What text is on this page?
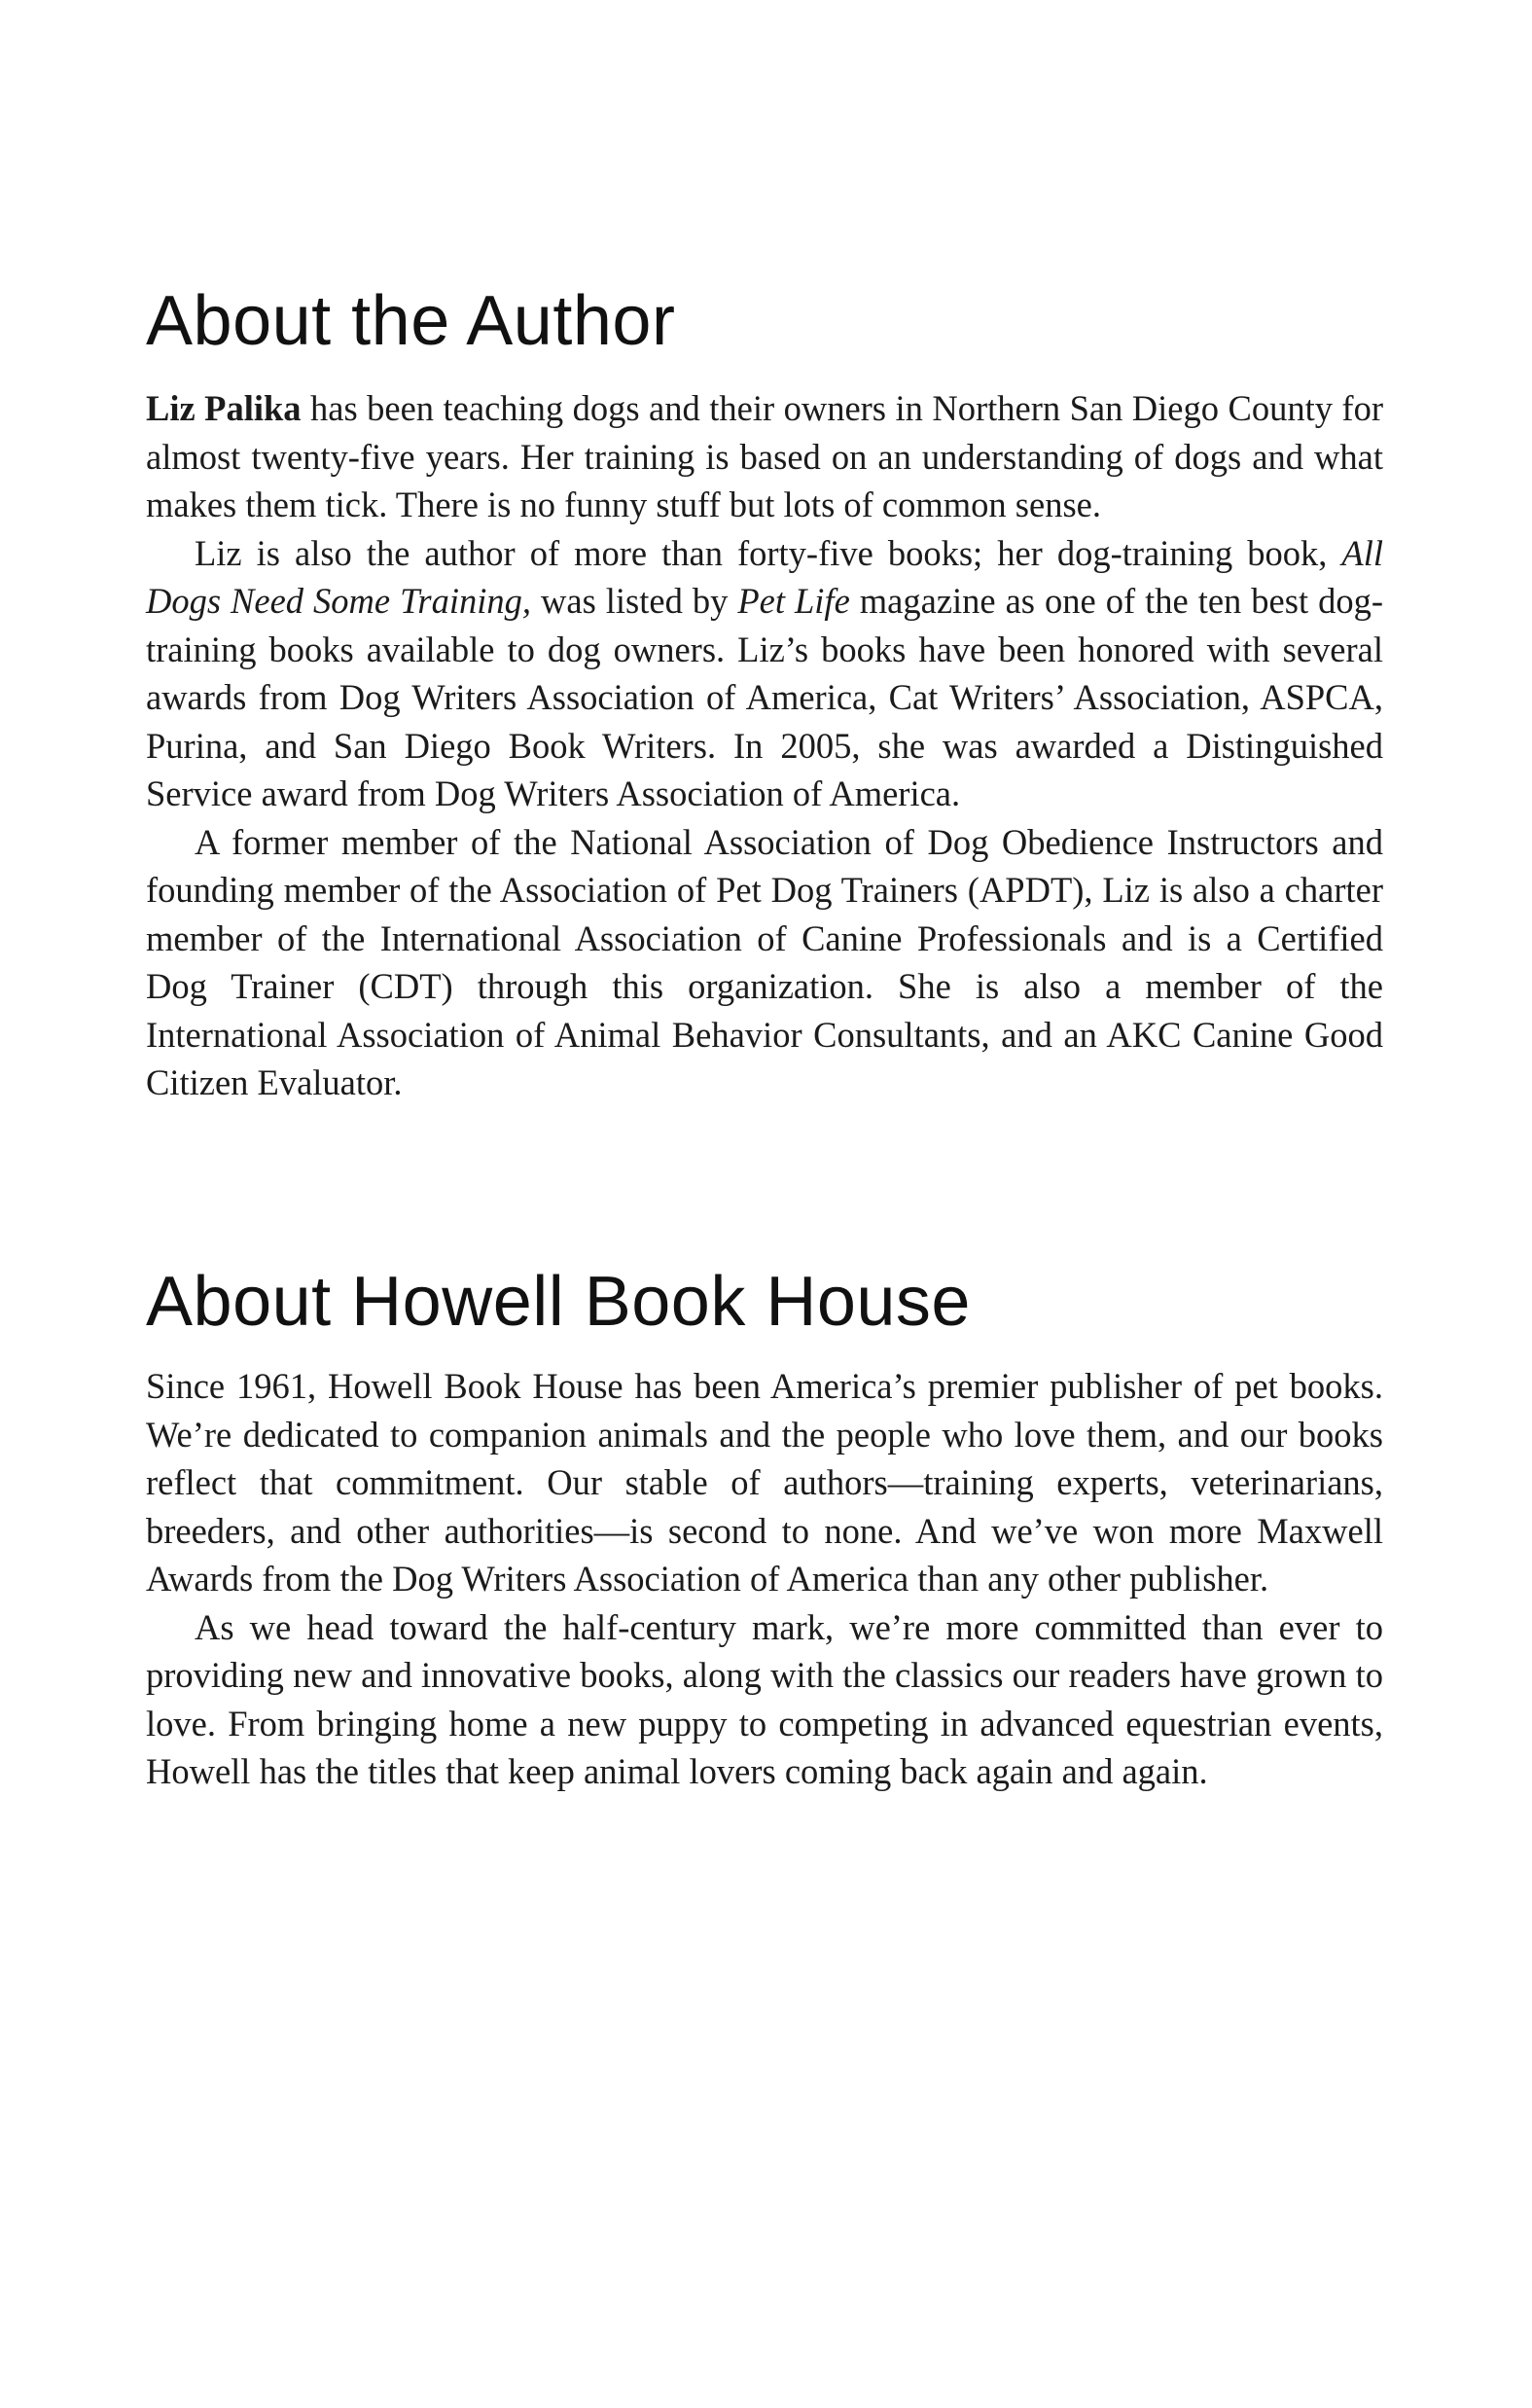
About the Author

Liz Palika has been teaching dogs and their owners in Northern San Diego County for almost twenty-five years. Her training is based on an understanding of dogs and what makes them tick. There is no funny stuff but lots of common sense.

Liz is also the author of more than forty-five books; her dog-training book, All Dogs Need Some Training, was listed by Pet Life magazine as one of the ten best dog-training books available to dog owners. Liz’s books have been honored with several awards from Dog Writers Association of America, Cat Writers’ Association, ASPCA, Purina, and San Diego Book Writers. In 2005, she was awarded a Distinguished Service award from Dog Writers Association of America.

A former member of the National Association of Dog Obedience Instructors and founding member of the Association of Pet Dog Trainers (APDT), Liz is also a charter member of the International Association of Canine Professionals and is a Certified Dog Trainer (CDT) through this organization. She is also a member of the International Association of Animal Behavior Consultants, and an AKC Canine Good Citizen Evaluator.

About Howell Book House

Since 1961, Howell Book House has been America’s premier publisher of pet books. We’re dedicated to companion animals and the people who love them, and our books reflect that commitment. Our stable of authors—training experts, veterinarians, breeders, and other authorities—is second to none. And we’ve won more Maxwell Awards from the Dog Writers Association of America than any other publisher.

As we head toward the half-century mark, we’re more committed than ever to providing new and innovative books, along with the classics our readers have grown to love. From bringing home a new puppy to competing in advanced equestrian events, Howell has the titles that keep animal lovers coming back again and again.
